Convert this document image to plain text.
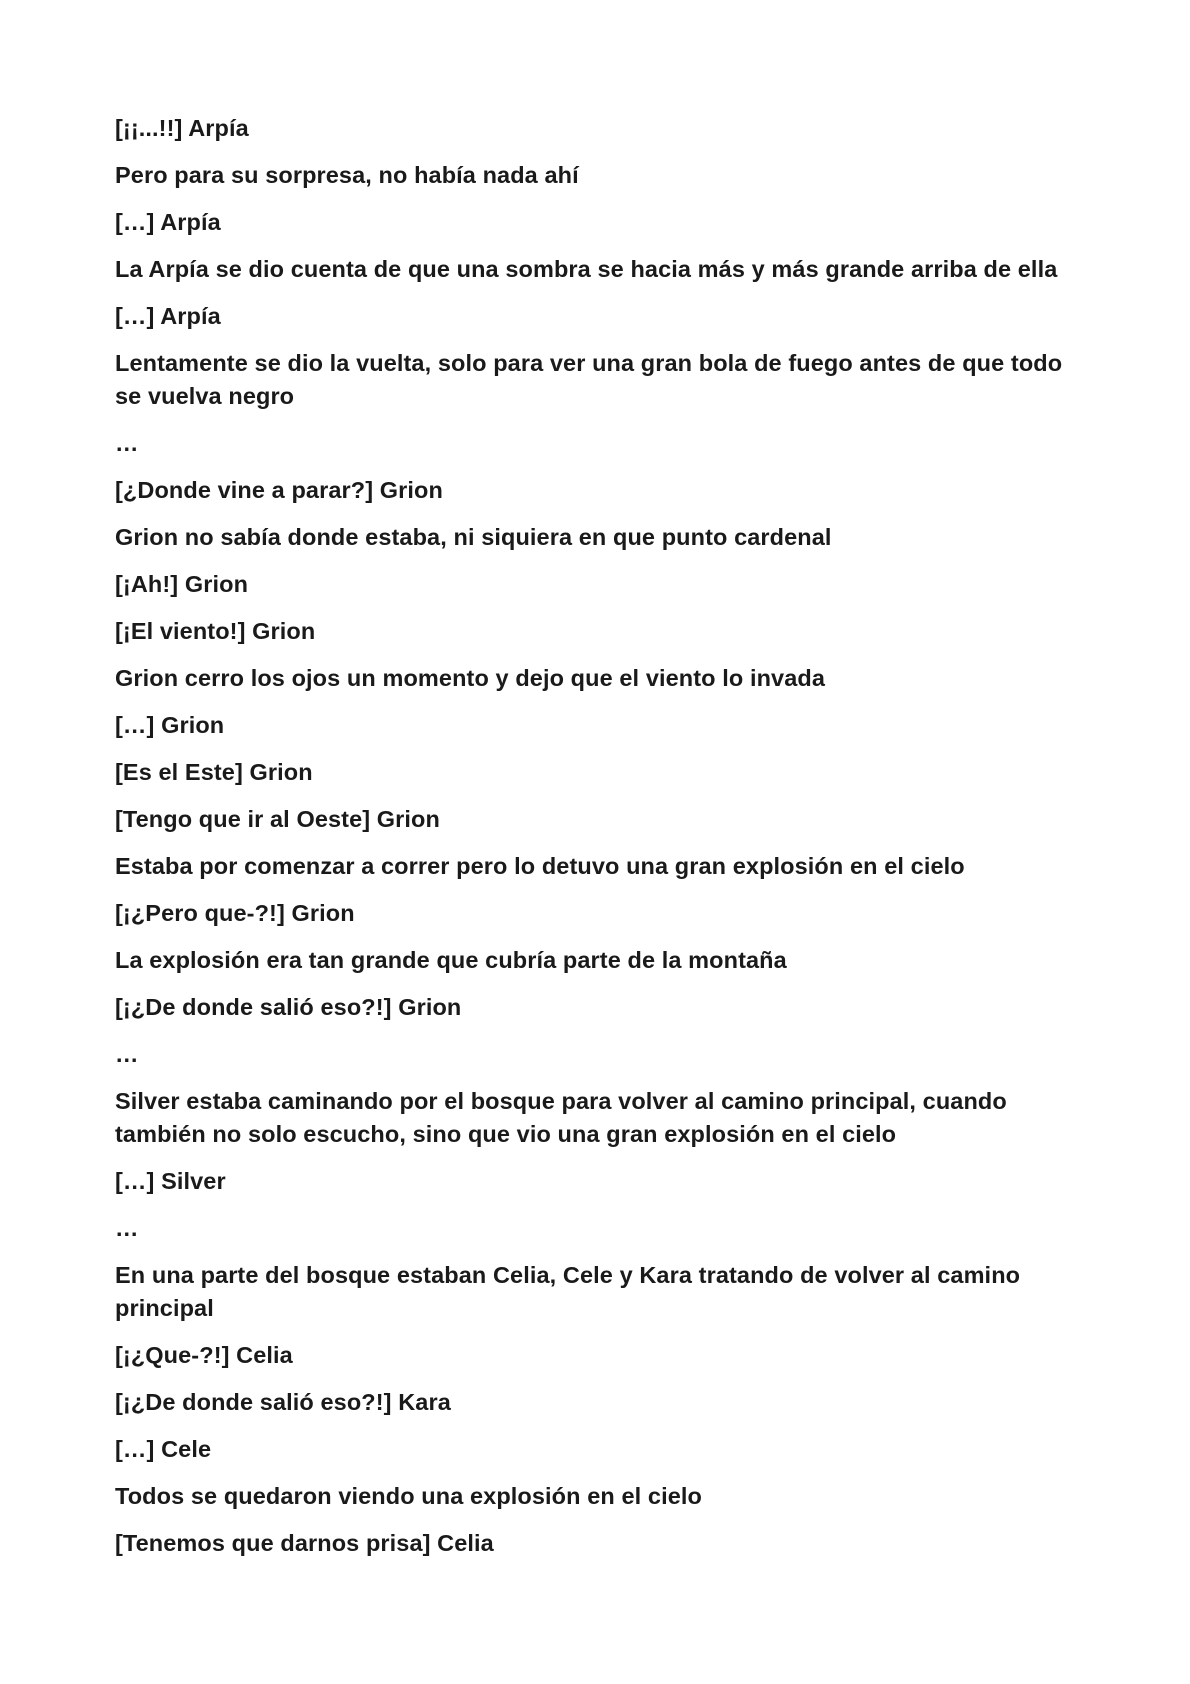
[¡¡...!!] Arpía

Pero para su sorpresa, no había nada ahí

[…] Arpía

La Arpía se dio cuenta de que una sombra se hacia más y más grande arriba de ella

[…] Arpía

Lentamente se dio la vuelta, solo para ver una gran bola de fuego antes de que todo se vuelva negro

…

[¿Donde vine a parar?] Grion

Grion no sabía donde estaba, ni siquiera en que punto cardenal

[¡Ah!] Grion

[¡El viento!] Grion

Grion cerro los ojos un momento y dejo que el viento lo invada

[…] Grion

[Es el Este] Grion

[Tengo que ir al Oeste] Grion

Estaba por comenzar a correr pero lo detuvo una gran explosión en el cielo

[¡¿Pero que-?!] Grion

La explosión era tan grande que cubría parte de la montaña

[¡¿De donde salió eso?!] Grion

…

Silver estaba caminando por el bosque para volver al camino principal, cuando también no solo escucho, sino que vio una gran explosión en el cielo

[…] Silver

…

En una parte del bosque estaban Celia, Cele y Kara tratando de volver al camino principal

[¡¿Que-?!] Celia

[¡¿De donde salió eso?!] Kara

[…] Cele

Todos se quedaron viendo una explosión en el cielo

[Tenemos que darnos prisa] Celia
